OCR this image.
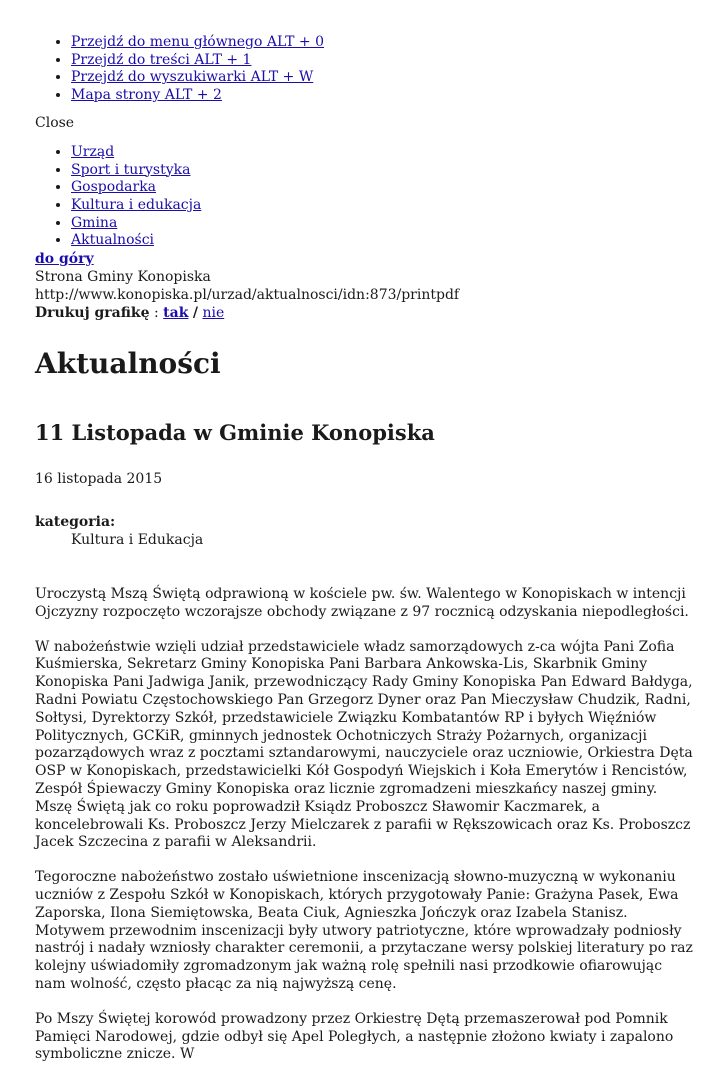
• Przejdź do menu głównego ALT + 0
• Przejdź do treści ALT + 1
• Przejdź do wyszukiwarki ALT + W
• Mapa strony ALT + 2
Close
• Urząd
• Sport i turystyka
• Gospodarka
• Kultura i edukacja
• Gmina
• Aktualności
do góry
Strona Gminy Konopiska
http://www.konopiska.pl/urzad/aktualnosci/idn:873/printpdf
Drukuj grafikę : tak / nie
Aktualności
11 Listopada w Gminie Konopiska
16 listopada 2015
kategoria:
Kultura i Edukacja

Uroczystą Mszą Świętą odprawioną w kościele pw. św. Walentego w Konopiskach w intencji Ojczyzny rozpoczęto wczorajsze obchody związane z 97 rocznicą odzyskania niepodległości.

W nabożeństwie wzięli udział przedstawiciele władz samorządowych z-ca wójta Pani Zofia Kuśmierska, Sekretarz Gminy Konopiska Pani Barbara Ankowska-Lis, Skarbnik Gminy Konopiska Pani Jadwiga Janik, przewodniczący Rady Gminy Konopiska Pan Edward Bałdyga, Radni Powiatu Częstochowskiego Pan Grzegorz Dyner oraz Pan Mieczysław Chudzik, Radni, Sołtysi, Dyrektorzy Szkół, przedstawiciele Związku Kombatantów RP i byłych Więźniów Politycznych, GCKiR, gminnych jednostek Ochotniczych Straży Pożarnych, organizacji pozarządowych wraz z pocztami sztandarowymi, nauczyciele oraz uczniowie, Orkiestra Dęta OSP w Konopiskach, przedstawicielki Kół Gospodyń Wiejskich i Koła Emerytów i Rencistów, Zespół Śpiewaczy Gminy Konopiska oraz licznie zgromadzeni mieszkańcy naszej gminy. Mszę Świętą jak co roku poprowadził Ksiądz Proboszcz Sławomir Kaczmarek, a koncelebrowali Ks. Proboszcz Jerzy Mielczarek z parafii w Rększowicach oraz Ks. Proboszcz Jacek Szczecina z parafii w Aleksandrii.

Tegoroczne nabożeństwo zostało uświetnione inscenizacją słowno-muzyczną w wykonaniu uczniów z Zespołu Szkół w Konopiskach, których przygotowały Panie: Grażyna Pasek, Ewa Zaporska, Ilona Siemiętowska, Beata Ciuk, Agnieszka Jończyk oraz Izabela Stanisz. Motywem przewodnim inscenizacji były utwory patriotyczne, które wprowadzały podniosły nastrój i nadały wzniosły charakter ceremonii, a przytaczane wersy polskiej literatury po raz kolejny uświadomiły zgromadzonym jak ważną rolę spełnili nasi przodkowie ofiarowując nam wolność, często płacąc za nią najwyższą cenę.

Po Mszy Świętej korowód prowadzony przez Orkiestrę Dętą przemaszerował pod Pomnik Pamięci Narodowej, gdzie odbył się Apel Poległych, a następnie złożono kwiaty i zapalono symboliczne znicze. W
